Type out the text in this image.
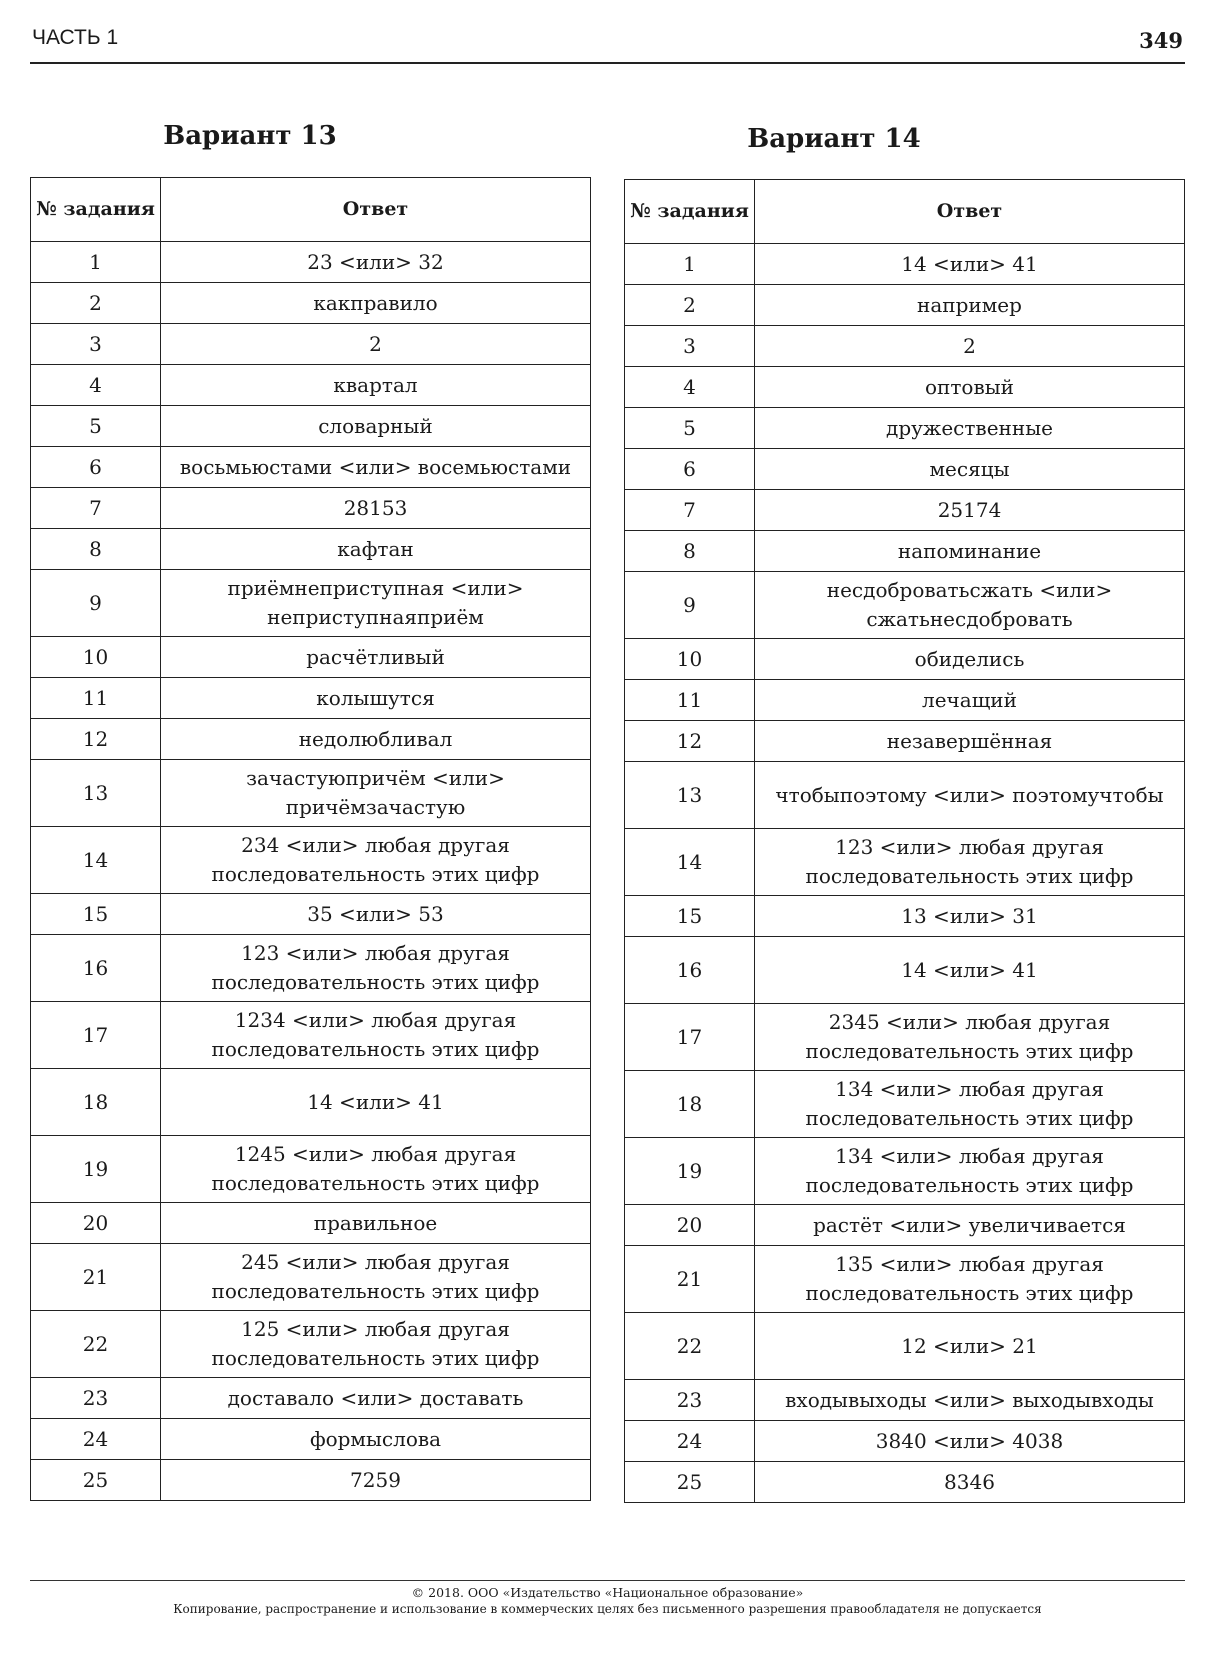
ЧАСТЬ 1	349
Вариант 13	Вариант 14
№ задания	Ответ
1	23 <или> 32
2	какправило
3	2
4	квартал
5	словарный
6	восьмьюстами <или> восемьюстами
7	28153
8	кафтан
9	приёмнеприступная <или> неприступнаяприём
10	расчётливый
11	колышутся
12	недолюбливал
13	зачастуюпричём <или> причёмзачастую
14	234 <или> любая другая последовательность этих цифр
15	35 <или> 53
16	123 <или> любая другая последовательность этих цифр
17	1234 <или> любая другая последовательность этих цифр
18	14 <или> 41
19	1245 <или> любая другая последовательность этих цифр
20	правильное
21	245 <или> любая другая последовательность этих цифр
22	125 <или> любая другая последовательность этих цифр
23	доставало <или> доставать
24	формыслова
25	7259
№ задания	Ответ
1	14 <или> 41
2	например
3	2
4	оптовый
5	дружественные
6	месяцы
7	25174
8	напоминание
9	несдоброватьсжать <или> сжатьнесдобровать
10	обиделись
11	лечащий
12	незавершённая
13	чтобыпоэтому <или> поэтомучтобы
14	123 <или> любая другая последовательность этих цифр
15	13 <или> 31
16	14 <или> 41
17	2345 <или> любая другая последовательность этих цифр
18	134 <или> любая другая последовательность этих цифр
19	134 <или> любая другая последовательность этих цифр
20	растёт <или> увеличивается
21	135 <или> любая другая последовательность этих цифр
22	12 <или> 21
23	входывыходы <или> выходывходы
24	3840 <или> 4038
25	8346
© 2018. ООО «Издательство «Национальное образование»
Копирование, распространение и использование в коммерческих целях без письменного разрешения правообладателя не допускается
